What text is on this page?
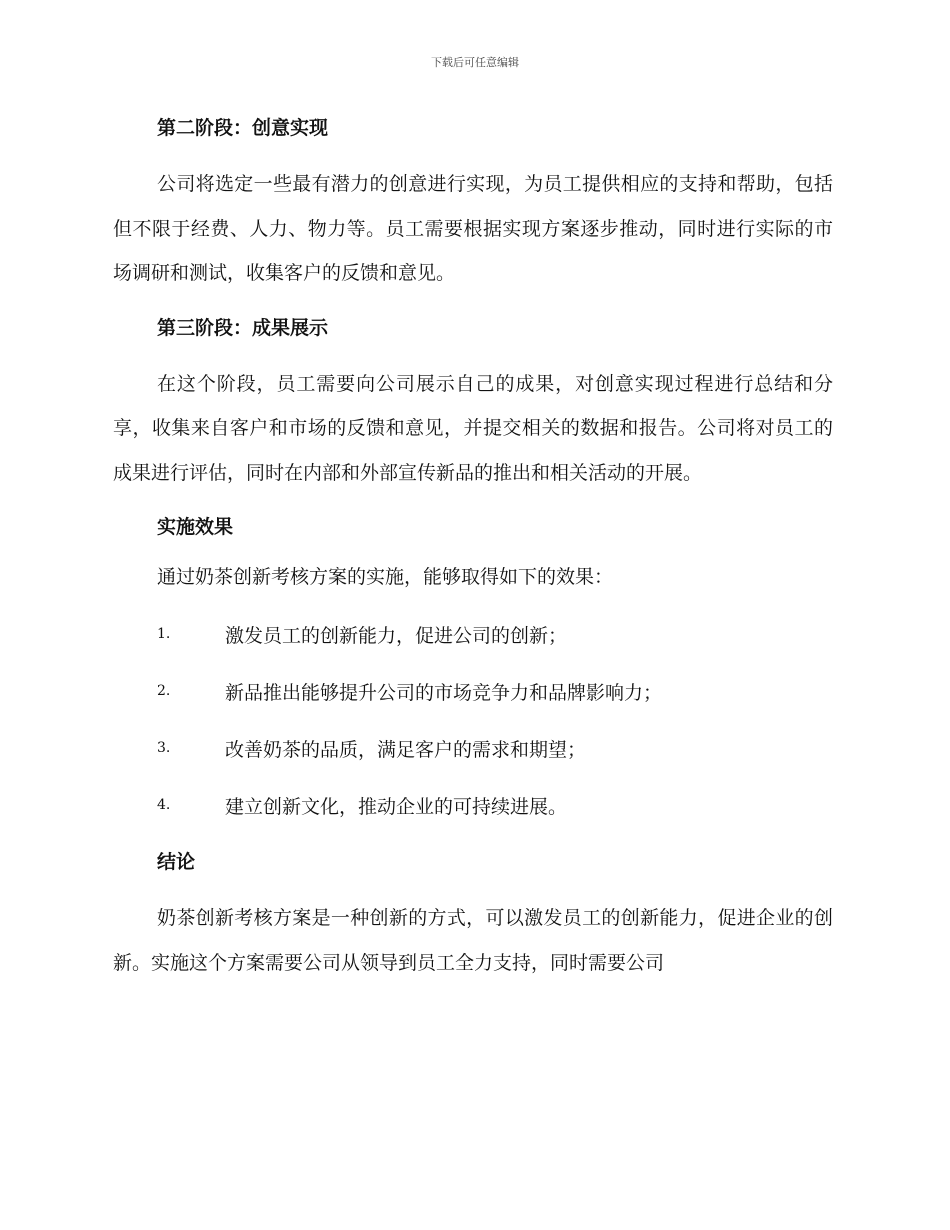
下载后可任意编辑
第二阶段：创意实现

公司将选定一些最有潜力的创意进行实现，为员工提供相应的支持和帮助，包括但不限于经费、人力、物力等。员工需要根据实现方案逐步推动，同时进行实际的市场调研和测试，收集客户的反馈和意见。

第三阶段：成果展示

在这个阶段，员工需要向公司展示自己的成果，对创意实现过程进行总结和分享，收集来自客户和市场的反馈和意见，并提交相关的数据和报告。公司将对员工的成果进行评估，同时在内部和外部宣传新品的推出和相关活动的开展。

实施效果
通过奶茶创新考核方案的实施，能够取得如下的效果：
1.	激发员工的创新能力，促进公司的创新；
2.	新品推出能够提升公司的市场竞争力和品牌影响力；
3.	改善奶茶的品质，满足客户的需求和期望；
4.	建立创新文化，推动企业的可持续进展。
结论

奶茶创新考核方案是一种创新的方式，可以激发员工的创新能力，促进企业的创新。实施这个方案需要公司从领导到员工全力支持，同时需要公司
